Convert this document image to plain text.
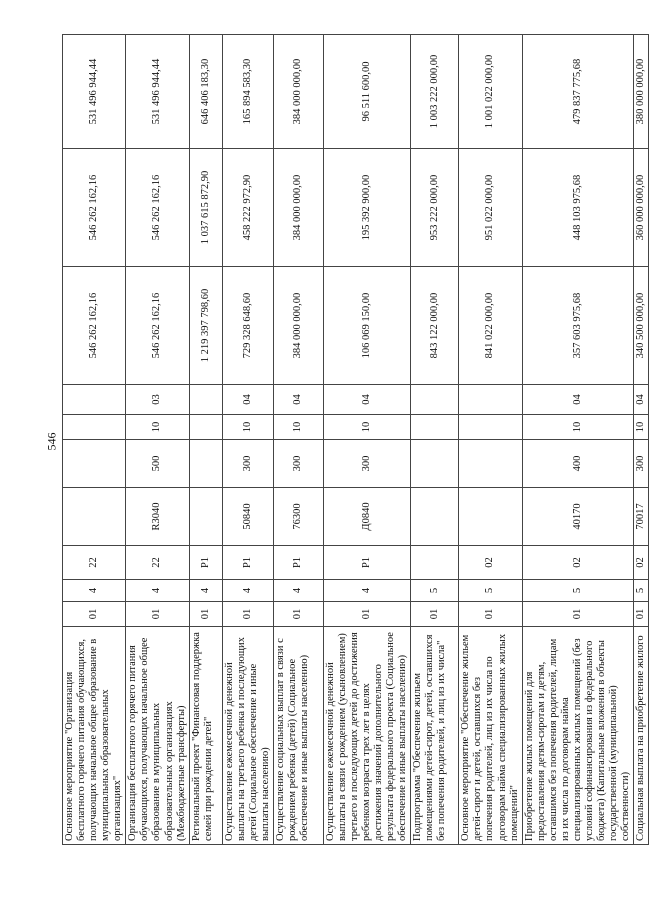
546
Основное мероприятие "Организация бесплатного горячего питания обучающихся, получающих начальное общее образование в муниципальных образовательных организациях"	01	4	22					546 262 162,16	546 262 162,16	531 496 944,44
Организация бесплатного горячего питания обучающихся, получающих начальное общее образование в муниципальных образовательных организациях (Межбюджетные трансферты)	01	4	22	R3040	500	10	03	546 262 162,16	546 262 162,16	531 496 944,44
Региональный проект "Финансовая поддержка семей при рождении детей"	01	4	P1					1 219 397 798,60	1 037 615 872,90	646 406 183,30
Осуществление ежемесячной денежной выплаты на третьего ребенка и последующих детей (Социальное обеспечение и иные выплаты населению)	01	4	P1	50840	300	10	04	729 328 648,60	458 222 972,90	165 894 583,30
Осуществление социальных выплат в связи с рождением ребенка (детей) (Социальное обеспечение и иные выплаты населению)	01	4	P1	76300	300	10	04	384 000 000,00	384 000 000,00	384 000 000,00
Осуществление ежемесячной денежной выплаты в связи с рождением (усыновлением) третьего и последующих детей до достижения ребенком возраста трех лет в целях достижения значений дополнительного результата федерального проекта (Социальное обеспечение и иные выплаты населению)	01	4	P1	Д0840	300	10	04	106 069 150,00	195 392 900,00	96 511 600,00
Подпрограмма "Обеспечение жильем помещениями детей-сирот, детей, оставшихся без попечения родителей, и лиц из их числа"	01	5						843 122 000,00	953 222 000,00	1 003 222 000,00
Основное мероприятие "Обеспечение жильем детей-сирот и детей, оставшихся без попечения родителей, лиц из их числа по договорам найма специализированных жилых помещений"	01	5	02					841 022 000,00	951 022 000,00	1 001 022 000,00
Приобретение жилых помещений для предоставления детям-сиротам и детям, оставшимся без попечения родителей, лицам из их числа по договорам найма специализированных жилых помещений (без условий софинансирования из федерального бюджета) (Капитальные вложения в объекты государственной (муниципальной) собственности)	01	5	02	40170	400	10	04	357 603 975,68	448 103 975,68	479 837 775,68
Социальная выплата на приобретение жилого	01	5	02	70017	300	10	04	340 500 000,00	360 000 000,00	380 000 000,00
